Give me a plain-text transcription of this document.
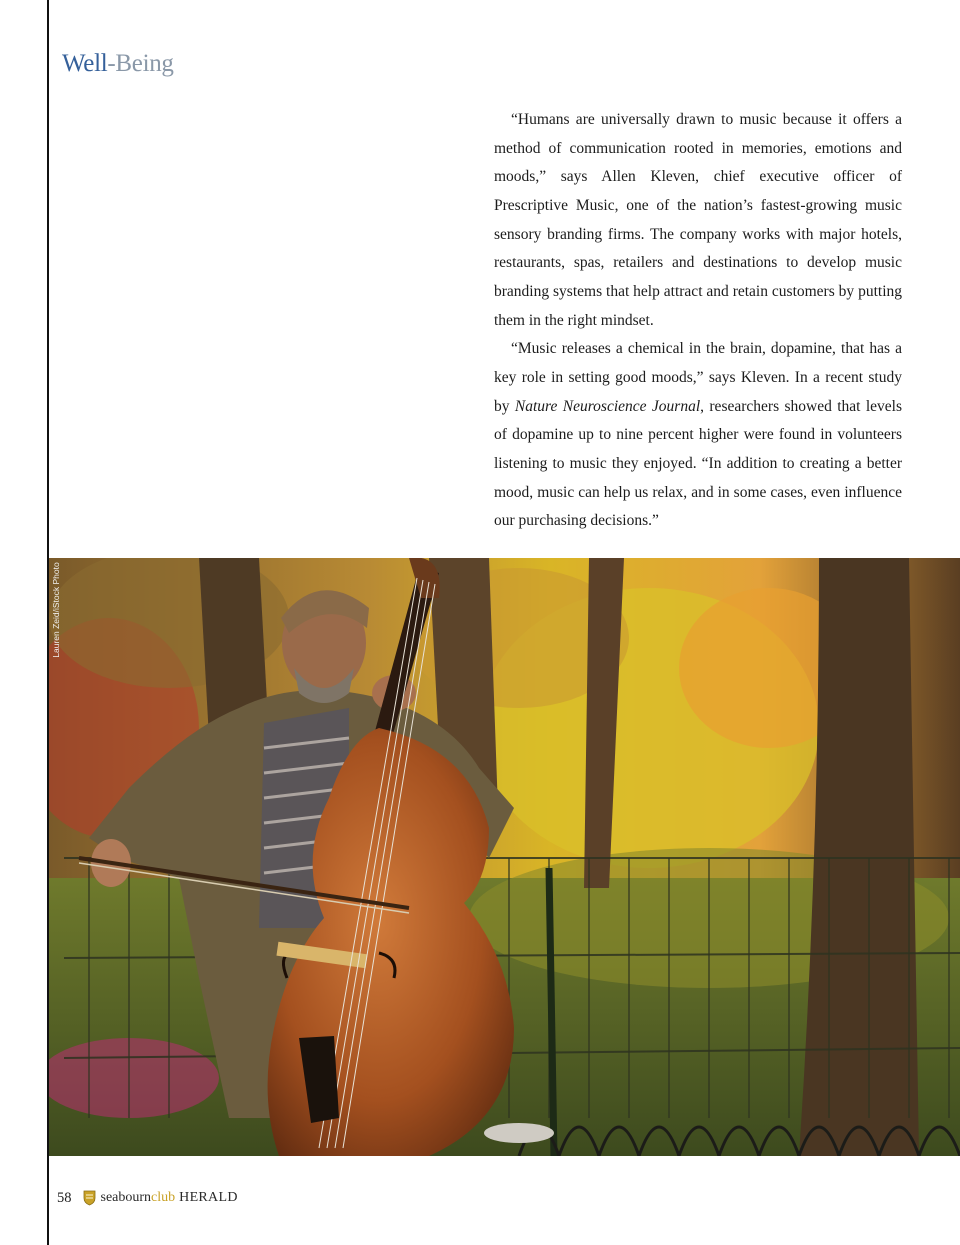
Well-Being

“Humans are universally drawn to music because it offers a method of communication rooted in memories, emotions and moods,” says Allen Kleven, chief executive officer of Prescriptive Music, one of the nation’s fastest-growing music sensory branding firms. The company works with major hotels, restaurants, spas, retailers and destinations to develop music branding systems that help attract and retain customers by putting them in the right mindset.

“Music releases a chemical in the brain, dopamine, that has a key role in setting good moods,” says Kleven. In a recent study by Nature Neuroscience Journal, researchers showed that levels of dopamine up to nine percent higher were found in volunteers listening to music they enjoyed. “In addition to creating a better mood, music can help us relax, and in some cases, even influence our purchasing decisions.”

Lauren Zeid/iStock Photo
58 seabourn club HERALD
